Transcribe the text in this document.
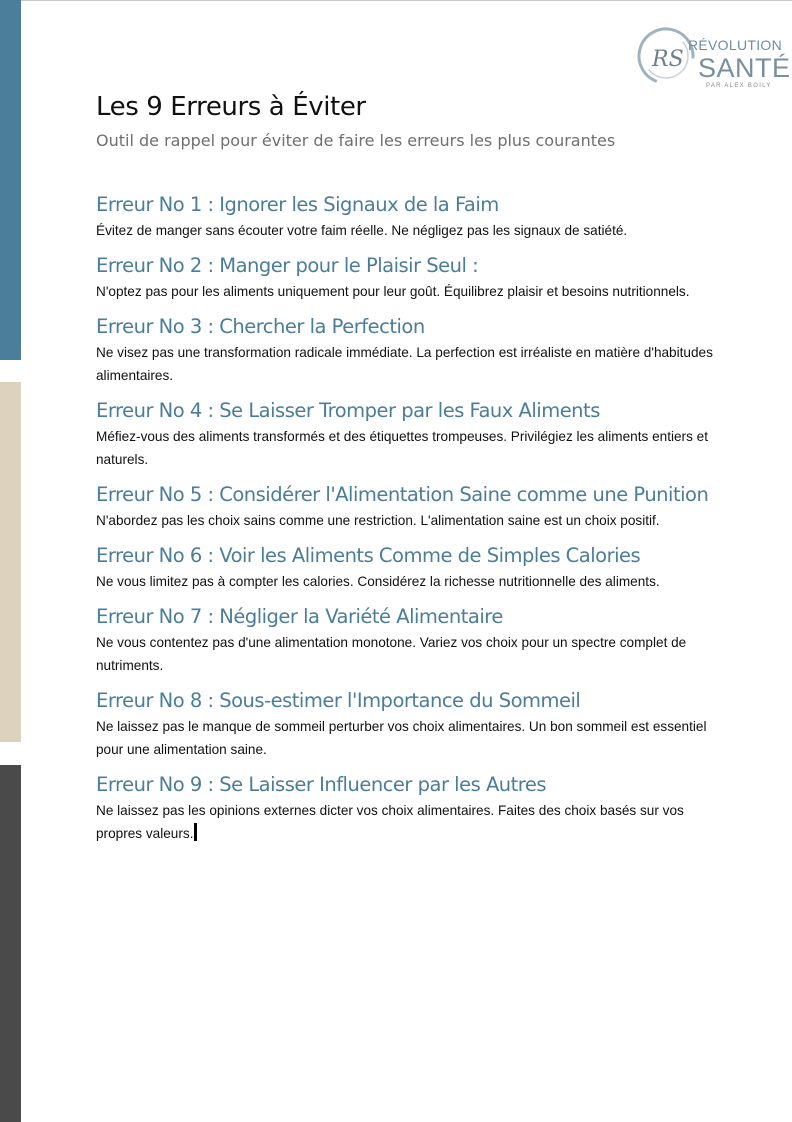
RS
RÉVOLUTION
SANTÉ
PAR ALEX BOILY
Les 9 Erreurs à Éviter

Outil de rappel pour éviter de faire les erreurs les plus courantes

Erreur No 1 : Ignorer les Signaux de la Faim

Évitez de manger sans écouter votre faim réelle. Ne négligez pas les signaux de satiété.

Erreur No 2 : Manger pour le Plaisir Seul :

N'optez pas pour les aliments uniquement pour leur goût. Équilibrez plaisir et besoins nutritionnels.

Erreur No 3 : Chercher la Perfection

Ne visez pas une transformation radicale immédiate. La perfection est irréaliste en matière d'habitudes alimentaires.

Erreur No 4 : Se Laisser Tromper par les Faux Aliments

Méfiez-vous des aliments transformés et des étiquettes trompeuses. Privilégiez les aliments entiers et naturels.

Erreur No 5 : Considérer l'Alimentation Saine comme une Punition

N'abordez pas les choix sains comme une restriction. L'alimentation saine est un choix positif.

Erreur No 6 : Voir les Aliments Comme de Simples Calories

Ne vous limitez pas à compter les calories. Considérez la richesse nutritionnelle des aliments.

Erreur No 7 : Négliger la Variété Alimentaire

Ne vous contentez pas d'une alimentation monotone. Variez vos choix pour un spectre complet de nutriments.

Erreur No 8 : Sous-estimer l'Importance du Sommeil

Ne laissez pas le manque de sommeil perturber vos choix alimentaires. Un bon sommeil est essentiel pour une alimentation saine.

Erreur No 9 : Se Laisser Influencer par les Autres

Ne laissez pas les opinions externes dicter vos choix alimentaires. Faites des choix basés sur vos propres valeurs.
